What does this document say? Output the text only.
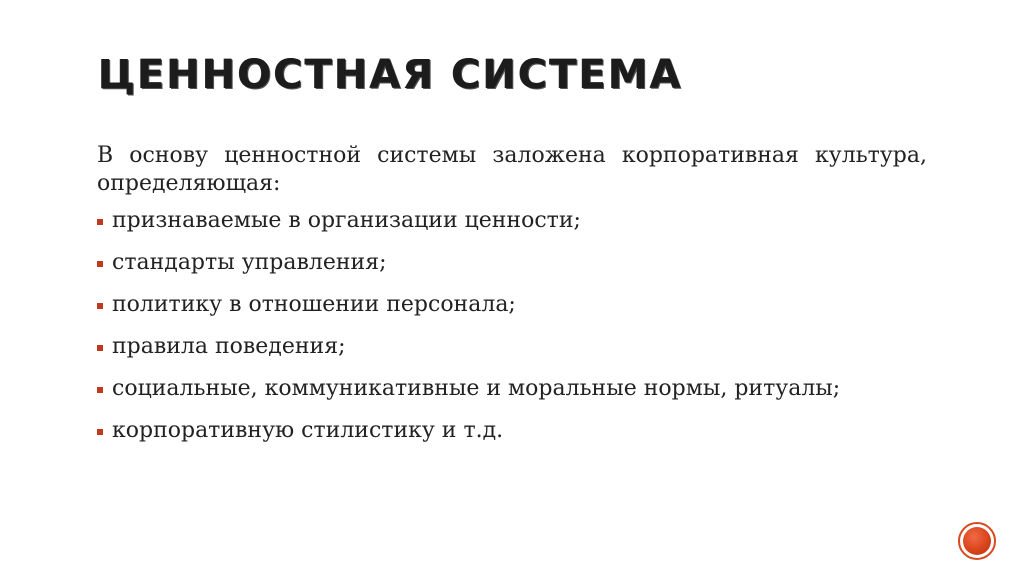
ЦЕННОСТНАЯ СИСТЕМА

В основу ценностной системы заложена корпоративная культура, определяющая:

признаваемые в организации ценности;
стандарты управления;
политику в отношении персонала;
правила поведения;
социальные, коммуникативные и моральные нормы, ритуалы;
корпоративную стилистику и т.д.
